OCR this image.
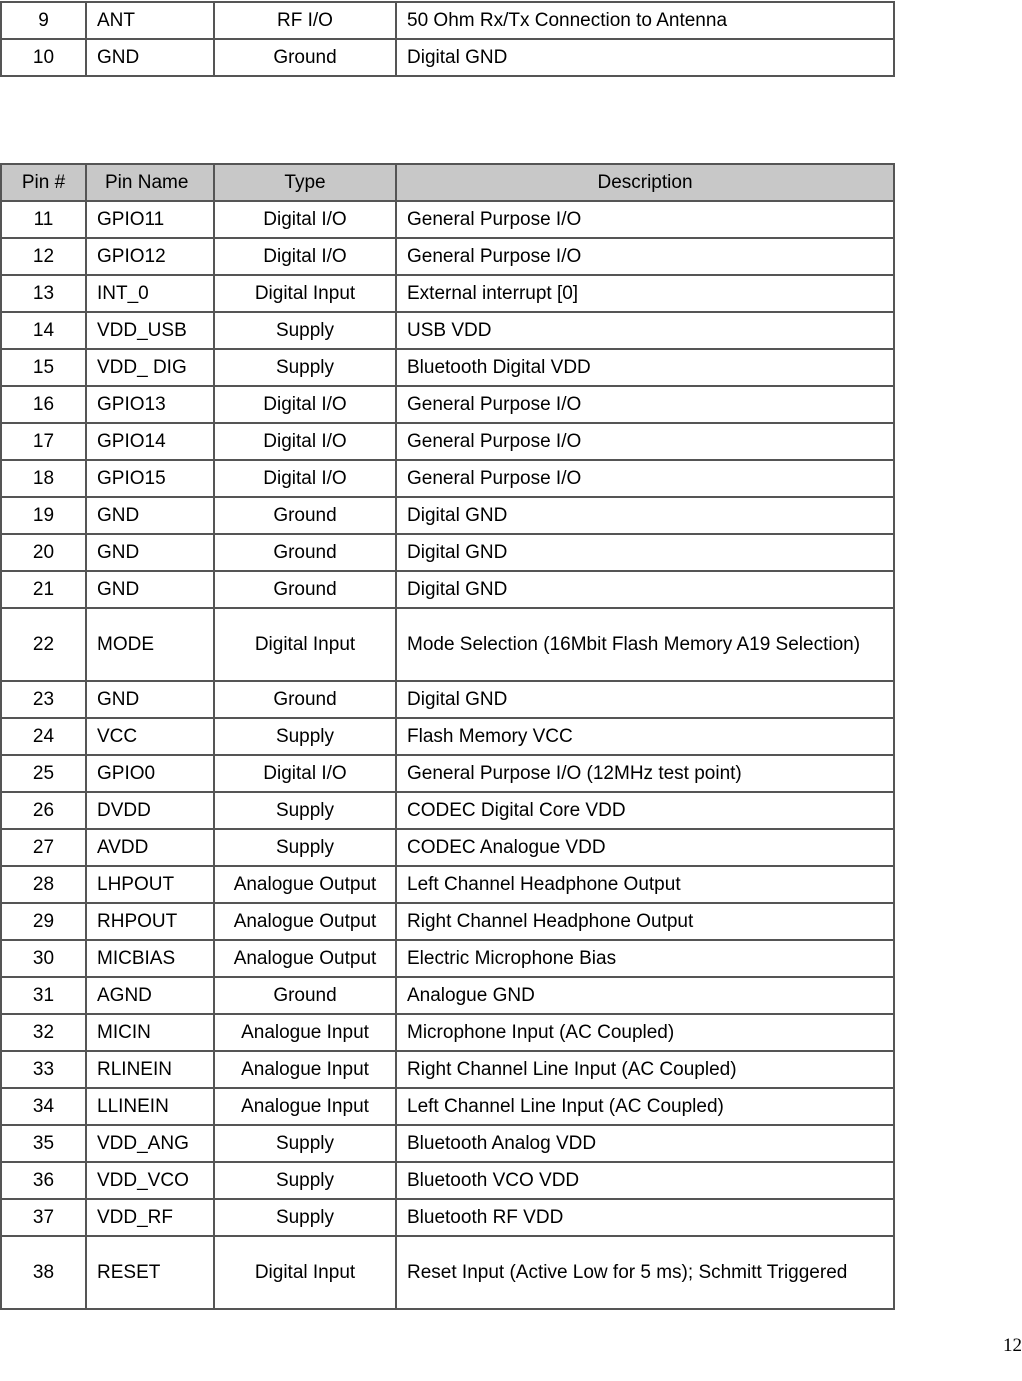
9	ANT	RF I/O	50 Ohm Rx/Tx Connection to Antenna
10	GND	Ground	Digital GND
Pin #	Pin Name	Type	Description
11	GPIO11	Digital I/O	General Purpose I/O
12	GPIO12	Digital I/O	General Purpose I/O
13	INT_0	Digital Input	External interrupt [0]
14	VDD_USB	Supply	USB VDD
15	VDD_ DIG	Supply	Bluetooth Digital VDD
16	GPIO13	Digital I/O	General Purpose I/O
17	GPIO14	Digital I/O	General Purpose I/O
18	GPIO15	Digital I/O	General Purpose I/O
19	GND	Ground	Digital GND
20	GND	Ground	Digital GND
21	GND	Ground	Digital GND
22	MODE	Digital Input	Mode Selection (16Mbit Flash Memory A19 Selection)
23	GND	Ground	Digital GND
24	VCC	Supply	Flash Memory VCC
25	GPIO0	Digital I/O	General Purpose I/O (12MHz test point)
26	DVDD	Supply	CODEC Digital Core VDD
27	AVDD	Supply	CODEC Analogue VDD
28	LHPOUT	Analogue Output	Left Channel Headphone Output
29	RHPOUT	Analogue Output	Right Channel Headphone Output
30	MICBIAS	Analogue Output	Electric Microphone Bias
31	AGND	Ground	Analogue GND
32	MICIN	Analogue Input	Microphone Input (AC Coupled)
33	RLINEIN	Analogue Input	Right Channel Line Input (AC Coupled)
34	LLINEIN	Analogue Input	Left Channel Line Input (AC Coupled)
35	VDD_ANG	Supply	Bluetooth Analog VDD
36	VDD_VCO	Supply	Bluetooth VCO VDD
37	VDD_RF	Supply	Bluetooth RF VDD
38	RESET	Digital Input	Reset Input (Active Low for 5 ms); Schmitt Triggered
12
